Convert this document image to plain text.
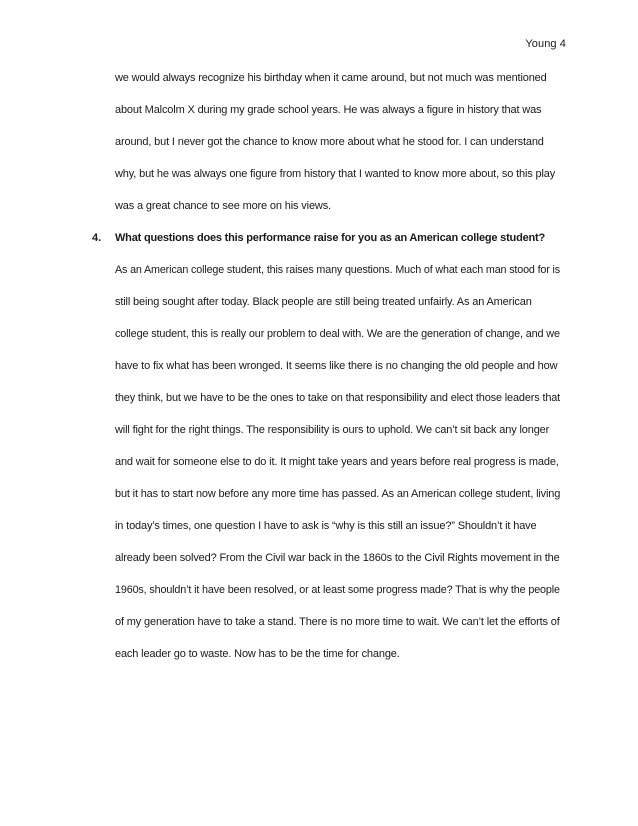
Young 4
we would always recognize his birthday when it came around, but not much was mentioned
about Malcolm X during my grade school years. He was always a figure in history that was
around, but I never got the chance to know more about what he stood for. I can understand
why, but he was always one figure from history that I wanted to know more about, so this play
was a great chance to see more on his views.
4. What questions does this performance raise for you as an American college student?
As an American college student, this raises many questions. Much of what each man stood for is
still being sought after today. Black people are still being treated unfairly. As an American
college student, this is really our problem to deal with. We are the generation of change, and we
have to fix what has been wronged. It seems like there is no changing the old people and how
they think, but we have to be the ones to take on that responsibility and elect those leaders that
will fight for the right things. The responsibility is ours to uphold. We can’t sit back any longer
and wait for someone else to do it. It might take years and years before real progress is made,
but it has to start now before any more time has passed. As an American college student, living
in today’s times, one question I have to ask is “why is this still an issue?” Shouldn’t it have
already been solved? From the Civil war back in the 1860s to the Civil Rights movement in the
1960s, shouldn’t it have been resolved, or at least some progress made? That is why the people
of my generation have to take a stand. There is no more time to wait. We can’t let the efforts of
each leader go to waste. Now has to be the time for change.
